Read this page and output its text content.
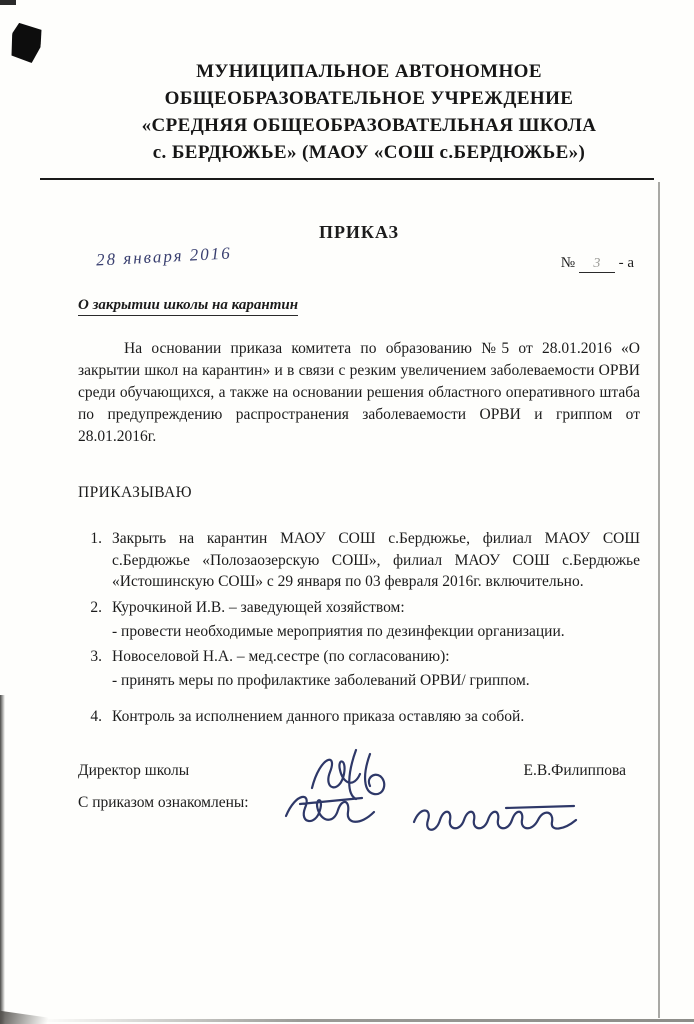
МУНИЦИПАЛЬНОЕ АВТОНОМНОЕ
ОБЩЕОБРАЗОВАТЕЛЬНОЕ УЧРЕЖДЕНИЕ
«СРЕДНЯЯ ОБЩЕОБРАЗОВАТЕЛЬНАЯ ШКОЛА
с. БЕРДЮЖЬЕ» (МАОУ «СОШ с.БЕРДЮЖЬЕ»)
ПРИКАЗ
28 января 2016	№ 3 - а
О закрытии школы на карантин

На основании приказа комитета по образованию №5 от 28.01.2016 «О закрытии школ на карантин» и в связи с резким увеличением заболеваемости ОРВИ среди обучающихся, а также на основании решения областного оперативного штаба по предупреждению распространения заболеваемости ОРВИ и гриппом от 28.01.2016г.

ПРИКАЗЫВАЮ
1. Закрыть на карантин МАОУ СОШ с.Бердюжье, филиал МАОУ СОШ с.Бердюжье «Полозаозерскую СОШ», филиал МАОУ СОШ с.Бердюжье «Истошинскую СОШ» с 29 января по 03 февраля 2016г. включительно.
2. Курочкиной И.В. – заведующей хозяйством:
- провести необходимые мероприятия по дезинфекции организации.
3. Новоселовой Н.А. – мед.сестре (по согласованию):
- принять меры по профилактике заболеваний ОРВИ/ гриппом.
4. Контроль за исполнением данного приказа оставляю за собой.
Директор школы	Е.В.Филиппова
С приказом ознакомлены:
